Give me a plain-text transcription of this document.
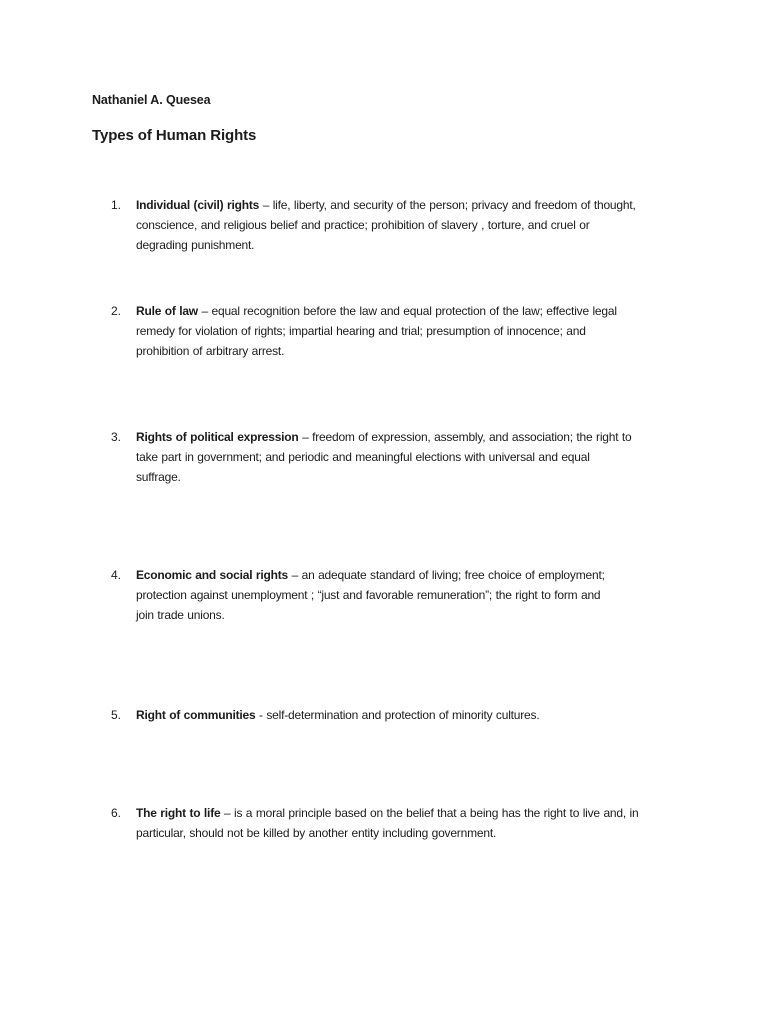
Nathaniel A. Quesea
Types of Human Rights
1. Individual (civil) rights – life, liberty, and security of the person; privacy and freedom of thought,
conscience, and religious belief and practice; prohibition of slavery , torture, and cruel or
degrading punishment.
2. Rule of law – equal recognition before the law and equal protection of the law; effective legal
remedy for violation of rights; impartial hearing and trial; presumption of innocence; and
prohibition of arbitrary arrest.
3. Rights of political expression – freedom of expression, assembly, and association; the right to
take part in government; and periodic and meaningful elections with universal and equal
suffrage.
4. Economic and social rights – an adequate standard of living; free choice of employment;
protection against unemployment ; “just and favorable remuneration”; the right to form and
join trade unions.
5. Right of communities - self-determination and protection of minority cultures.
6. The right to life – is a moral principle based on the belief that a being has the right to live and, in
particular, should not be killed by another entity including government.
